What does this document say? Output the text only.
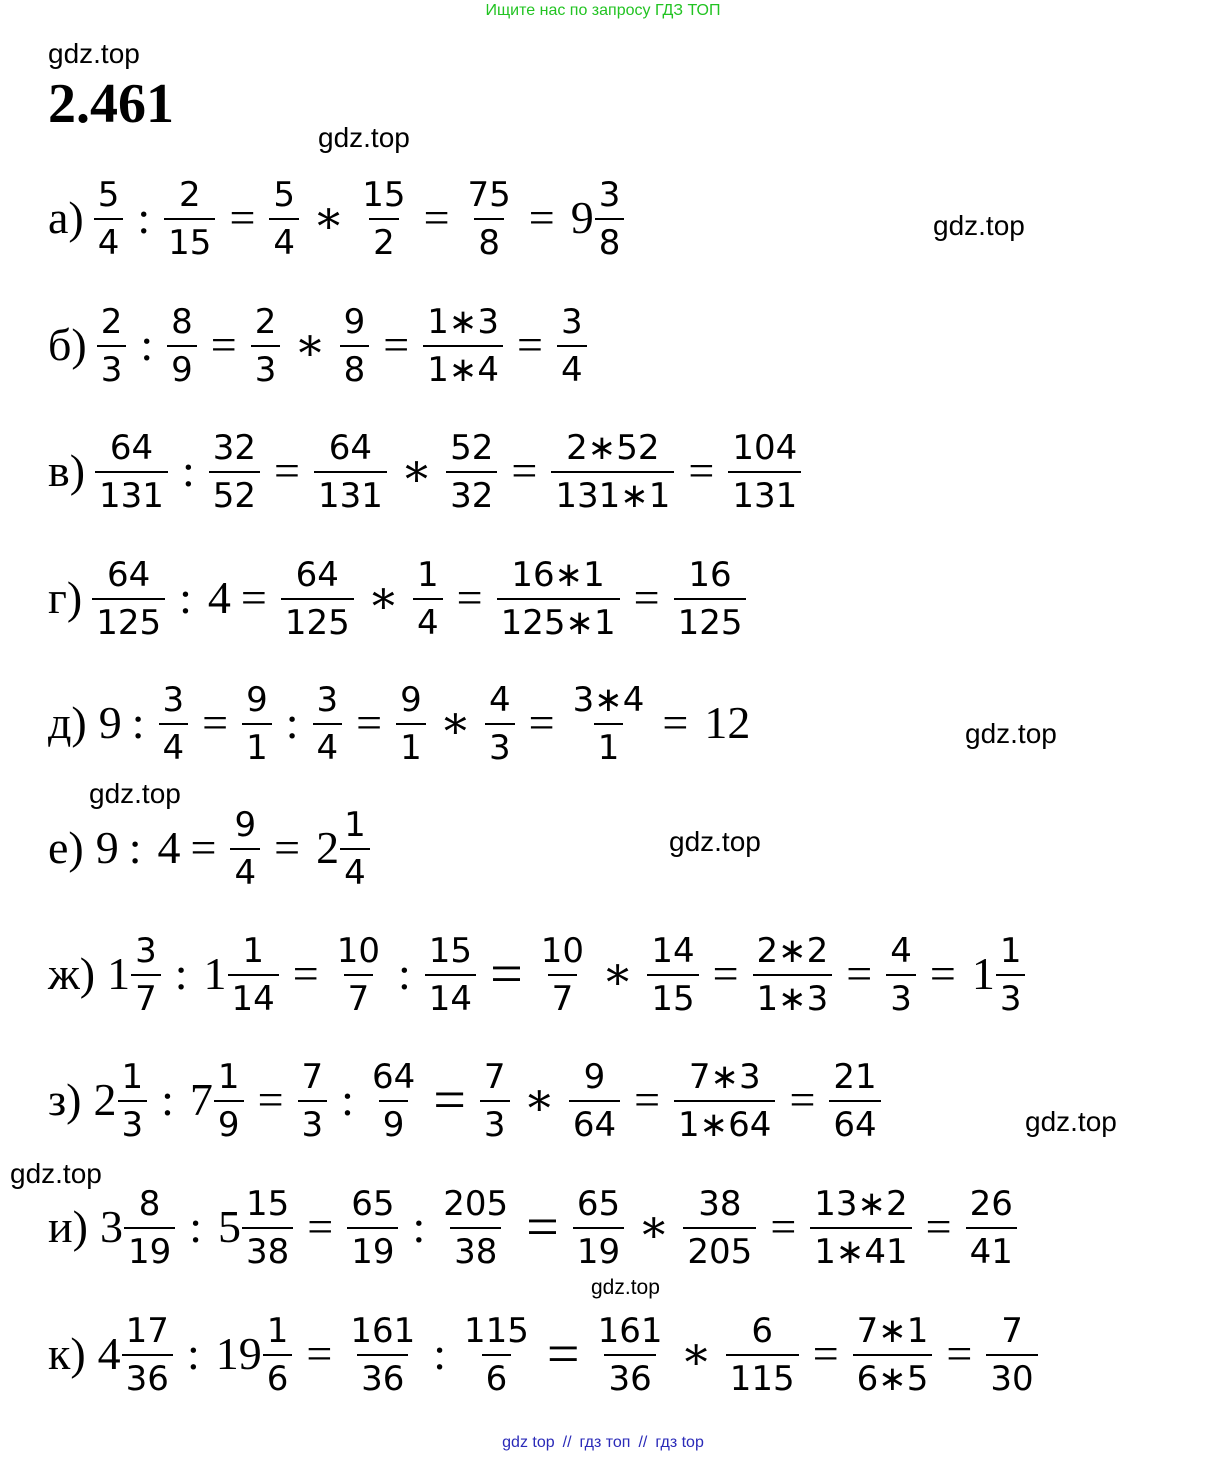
Ищите нас по запросу ГДЗ ТОП
gdz.top
2.461
gdz.top
gdz.top
gdz.top
gdz.top
gdz.top
gdz.top
gdz.top
gdz.top
$а) \frac{5}{4}$ : $\frac{2}{15} = \frac{5}{4}$ ∗ $\frac{15}{2} = \frac{75}{8} = 9 \frac{3}{8}$
$б) \frac{2}{3}$ : $\frac{8}{9} = \frac{2}{3}$ ∗ $\frac{9}{8} = \frac{1∗3}{1∗4} = \frac{3}{4}$
$в) \frac{64}{131}$ : $\frac{32}{52} = \frac{64}{131}$ ∗ $\frac{52}{32} = \frac{2∗52}{131∗1} = \frac{104}{131}$
$г) \frac{64}{125}$ : $4 = \frac{64}{125}$ ∗ $\frac{1}{4} = \frac{16∗1}{125∗1} = \frac{16}{125}$
д) 9 : $\frac{3}{4} = \frac{9}{1}$ : $\frac{3}{4} = \frac{9}{1}$ ∗ $\frac{4}{3} = \frac{3∗4}{1} = 12$
е) 9 : $4 = \frac{9}{4} = 2 \frac{1}{4}$
ж) $1 \frac{3}{7}$ : $1 \frac{1}{14} = \frac{10}{7}$ : $\frac{15}{14} = \frac{10}{7}$ ∗ $\frac{14}{15} = \frac{2∗2}{1∗3} = \frac{4}{3} = 1 \frac{1}{3}$
з) $2 \frac{1}{3}$ : $7 \frac{1}{9} = \frac{7}{3}$ : $\frac{64}{9} = \frac{7}{3}$ ∗ $\frac{9}{64} = \frac{7∗3}{1∗64} = \frac{21}{64}$
и) $3 \frac{8}{19}$ : $5 \frac{15}{38} = \frac{65}{19}$ : $\frac{205}{38} = \frac{65}{19}$ ∗ $\frac{38}{205} = \frac{13∗2}{1∗41} = \frac{26}{41}$
к) $4 \frac{17}{36}$ : $19 \frac{1}{6} = \frac{161}{36}$ : $\frac{115}{6} = \frac{161}{36}$ ∗ $\frac{6}{115} = \frac{7∗1}{6∗5} = \frac{7}{30}$
gdz top // гдз топ // гдз top
